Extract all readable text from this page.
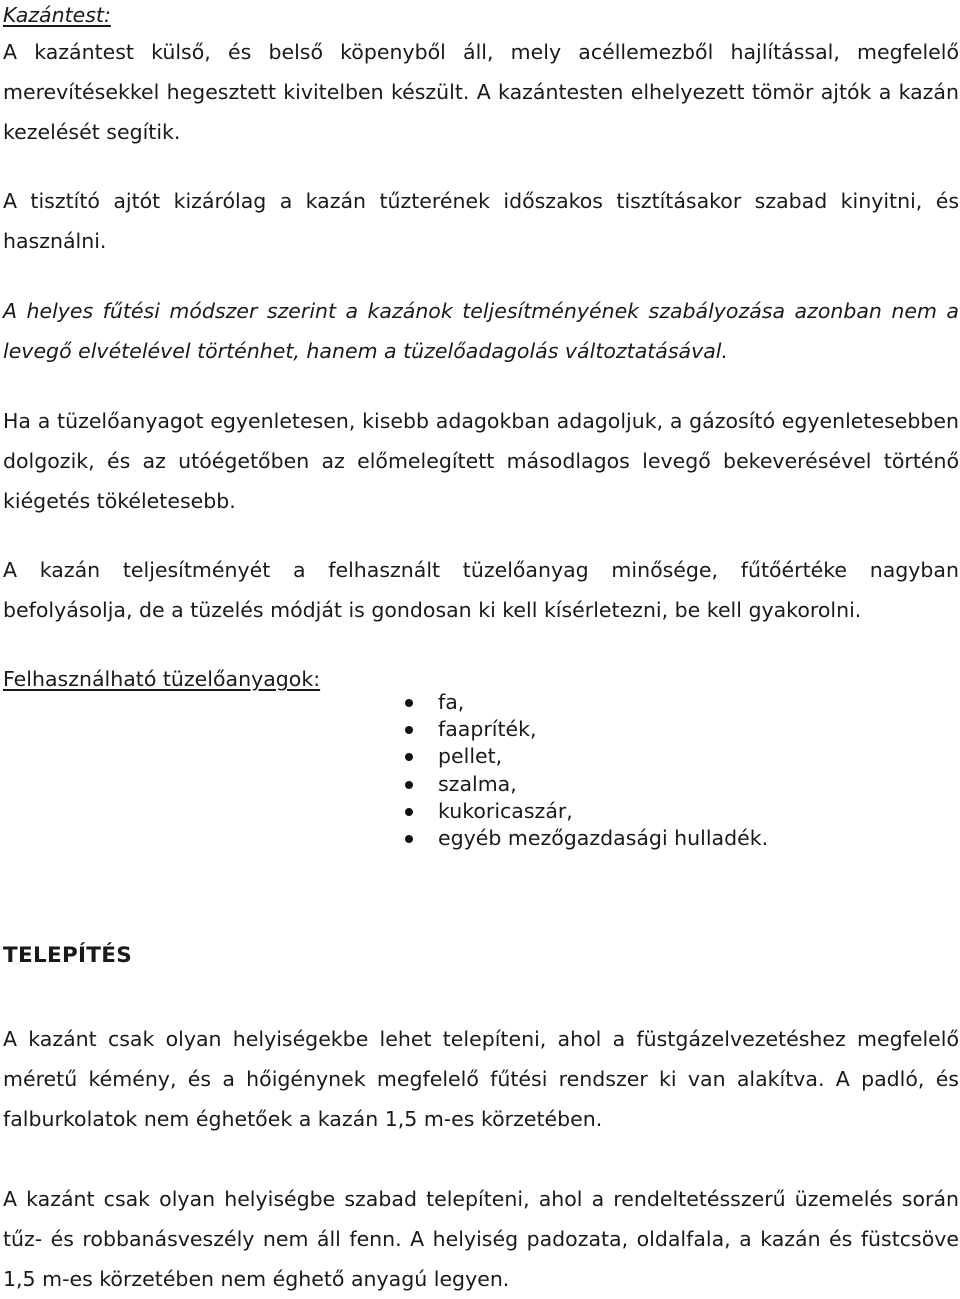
Kazántest:

A kazántest külső, és belső köpenyből áll, mely acéllemezből hajlítással, megfelelő merevítésekkel hegesztett kivitelben készült. A kazántesten elhelyezett tömör ajtók a kazán kezelését segítik.

A tisztító ajtót kizárólag a kazán tűzterének időszakos tisztításakor szabad kinyitni, és használni.

A helyes fűtési módszer szerint a kazánok teljesítményének szabályozása azonban nem a levegő elvételével történhet, hanem a tüzelőadagolás változtatásával.

Ha a tüzelőanyagot egyenletesen, kisebb adagokban adagoljuk, a gázosító egyenletesebben dolgozik, és az utóégetőben az előmelegített másodlagos levegő bekeverésével történő kiégetés tökéletesebb.

A kazán teljesítményét a felhasznált tüzelőanyag minősége, fűtőértéke nagyban befolyásolja, de a tüzelés módját is gondosan ki kell kísérletezni, be kell gyakorolni.

Felhasználható tüzelőanyagok:

fa,
faapríték,
pellet,
szalma,
kukoricaszár,
egyéb mezőgazdasági hulladék.

TELEPÍTÉS

A kazánt csak olyan helyiségekbe lehet telepíteni, ahol a füstgázelvezetéshez megfelelő méretű kémény, és a hőigénynek megfelelő fűtési rendszer ki van alakítva. A padló, és falburkolatok nem éghetőek a kazán 1,5 m-es körzetében.

A kazánt csak olyan helyiségbe szabad telepíteni, ahol a rendeltetésszerű üzemelés során tűz- és robbanásveszély nem áll fenn. A helyiség padozata, oldalfala, a kazán és füstcsöve 1,5 m-es körzetében nem éghető anyagú legyen.
